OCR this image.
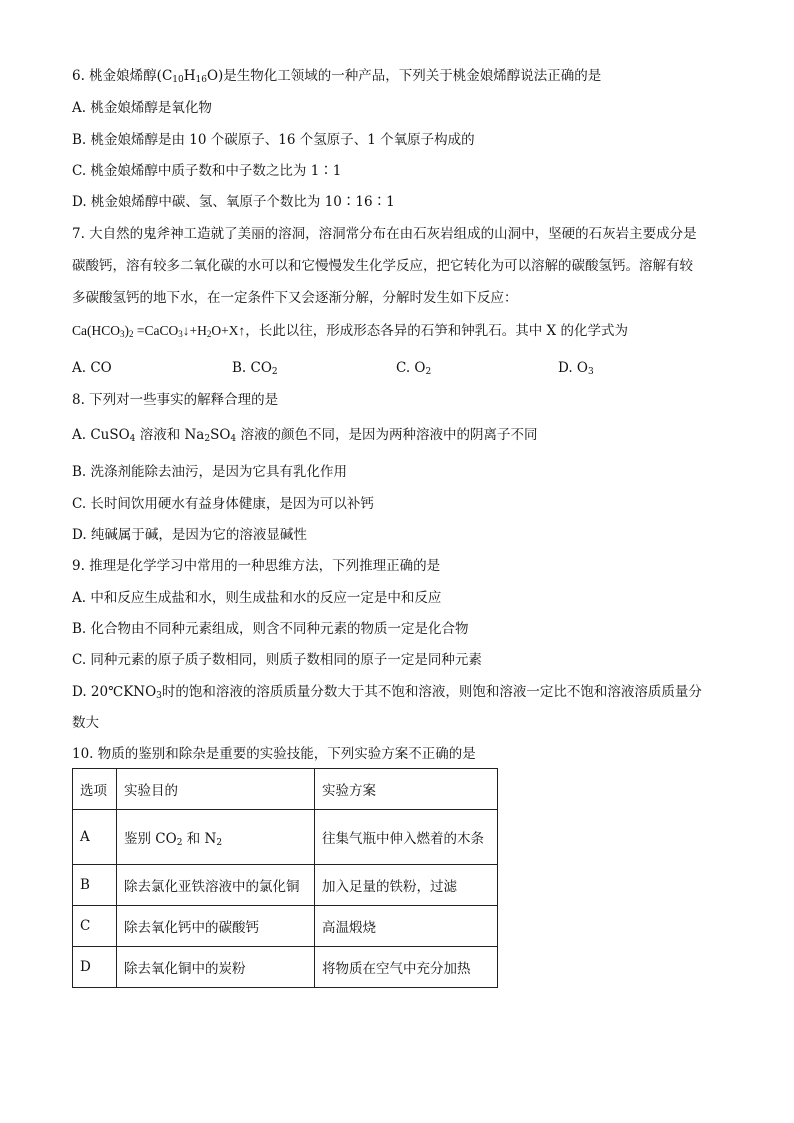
6. 桃金娘烯醇$(C_{10}H_{16}O)$是生物化工领域的一种产品，下列关于桃金娘烯醇说法正确的是
A. 桃金娘烯醇是氧化物
B. 桃金娘烯醇是由 10 个碳原子、16 个氢原子、1 个氧原子构成的
C. 桃金娘烯醇中质子数和中子数之比为 1∶1
D. 桃金娘烯醇中碳、氢、氧原子个数比为 10∶16∶1
7. 大自然的鬼斧神工造就了美丽的溶洞，溶洞常分布在由石灰岩组成的山洞中，坚硬的石灰岩主要成分是
碳酸钙，溶有较多二氧化碳的水可以和它慢慢发生化学反应，把它转化为可以溶解的碳酸氢钙。溶解有较
多碳酸氢钙的地下水，在一定条件下又会逐渐分解，分解时发生如下反应：
$Ca(HCO_3)_2$ $=CaCO_3↓+H_2O+X↑$，长此以往，形成形态各异的石笋和钟乳石。其中 X 的化学式为
A. CO	B. $CO_2$	C. $O_2$	D. $O_3$
8. 下列对一些事实的解释合理的是
A. CuSO$_4$ 溶液和 $Na_2SO_4$ 溶液的颜色不同，是因为两种溶液中的阴离子不同
B. 洗涤剂能除去油污，是因为它具有乳化作用
C. 长时间饮用硬水有益身体健康，是因为可以补钙
D. 纯碱属于碱，是因为它的溶液显碱性
9. 推理是化学学习中常用的一种思维方法，下列推理正确的是
A. 中和反应生成盐和水，则生成盐和水的反应一定是中和反应
B. 化合物由不同种元素组成，则含不同种元素的物质一定是化合物
C. 同种元素的原子质子数相同，则质子数相同的原子一定是同种元素
D. $20℃KNO_3$时的饱和溶液的溶质质量分数大于其不饱和溶液，则饱和溶液一定比不饱和溶液溶质质量分
数大
10. 物质的鉴别和除杂是重要的实验技能，下列实验方案不正确的是
选项	实验目的	实验方案
A	鉴别 $CO_2$ 和 $N_2$	往集气瓶中伸入燃着的木条
B	除去氯化亚铁溶液中的氯化铜	加入足量的铁粉，过滤
C	除去氧化钙中的碳酸钙	高温煅烧
D	除去氧化铜中的炭粉	将物质在空气中充分加热
